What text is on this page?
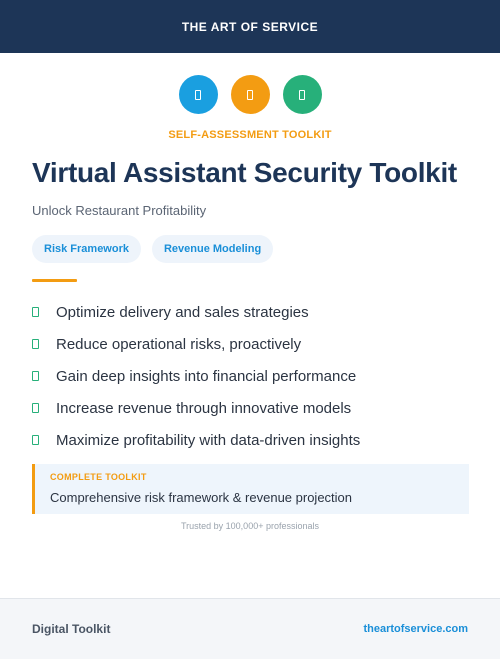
THE ART OF SERVICE
SELF-ASSESSMENT TOOLKIT
Virtual Assistant Security Toolkit
Unlock Restaurant Profitability
Risk Framework	Revenue Modeling
Optimize delivery and sales strategies
Reduce operational risks, proactively
Gain deep insights into financial performance
Increase revenue through innovative models
Maximize profitability with data-driven insights
COMPLETE TOOLKIT
Comprehensive risk framework & revenue projection
Trusted by 100,000+ professionals
Digital Toolkit	theartofservice.com
